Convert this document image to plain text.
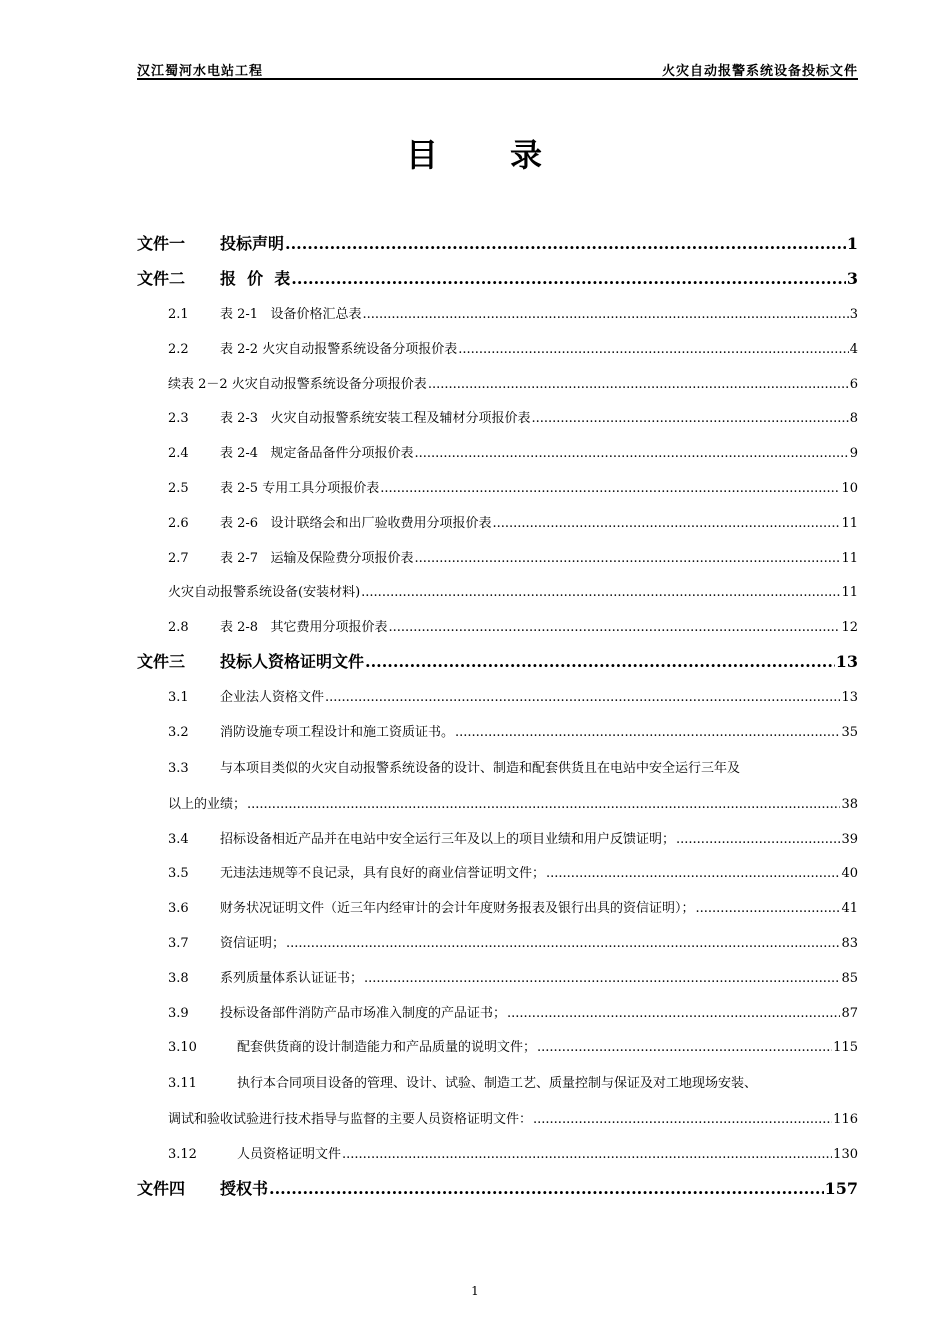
汉江蜀河水电站工程	火灾自动报警系统设备投标文件
目 录
文件一	投标声明 .....	1
文件二	报  价  表 .....	3
2.1	表 2-1   设备价格汇总表 .....	3
2.2	表 2-2 火灾自动报警系统设备分项报价表 .....	4
续表 2－2 火灾自动报警系统设备分项报价表 .....	6
2.3	表 2-3   火灾自动报警系统安装工程及辅材分项报价表 .....	8
2.4	表 2-4   规定备品备件分项报价表 .....	9
2.5	表 2-5 专用工具分项报价表 .....	10
2.6	表 2-6   设计联络会和出厂验收费用分项报价表 .....	11
2.7	表 2-7   运输及保险费分项报价表 .....	11
火灾自动报警系统设备(安装材料) .....	11
2.8	表 2-8   其它费用分项报价表 .....	12
文件三	投标人资格证明文件 .....	13
3.1	企业法人资格文件 .....	13
3.2	消防设施专项工程设计和施工资质证书。 .....	35
3.3	与本项目类似的火灾自动报警系统设备的设计、制造和配套供货且在电站中安全运行三年及
以上的业绩； .....	38
3.4	招标设备相近产品并在电站中安全运行三年及以上的项目业绩和用户反馈证明； .....	39
3.5	无违法违规等不良记录，具有良好的商业信誉证明文件； .....	40
3.6	财务状况证明文件（近三年内经审计的会计年度财务报表及银行出具的资信证明）； .....	41
3.7	资信证明； .....	83
3.8	系列质量体系认证证书； .....	85
3.9	投标设备部件消防产品市场准入制度的产品证书； .....	87
3.10	配套供货商的设计制造能力和产品质量的说明文件； .....	115
3.11	执行本合同项目设备的管理、设计、试验、制造工艺、质量控制与保证及对工地现场安装、
调试和验收试验进行技术指导与监督的主要人员资格证明文件： .....	116
3.12	人员资格证明文件 .....	130
文件四	授权书 .....	157
1
